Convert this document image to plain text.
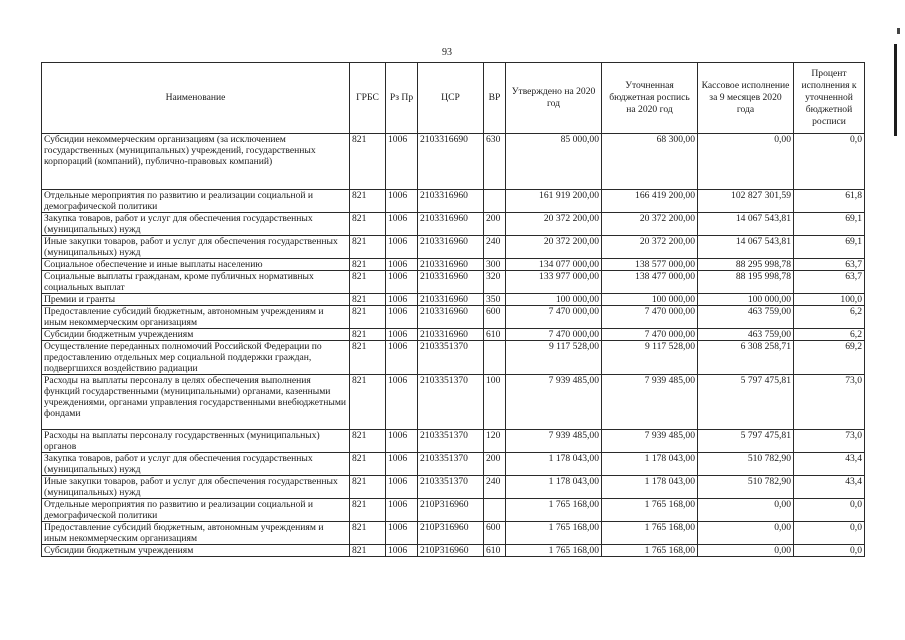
93
Наименование	ГРБС	Рз Пр	ЦСР	ВР	Утверждено на 2020 год	Уточненная бюджетная роспись на 2020 год	Кассовое исполнение за 9 месяцев 2020 года	Процент исполнения к уточненной бюджетной росписи
Субсидии некоммерческим организациям (за исключением государственных (муниципальных) учреждений, государственных корпораций (компаний), публично-правовых компаний)	821	1006	2103316690	630	85 000,00	68 300,00	0,00	0,0
Отдельные мероприятия по развитию и реализации социальной и демографической политики	821	1006	2103316960		161 919 200,00	166 419 200,00	102 827 301,59	61,8
Закупка товаров, работ и услуг для обеспечения государственных (муниципальных) нужд	821	1006	2103316960	200	20 372 200,00	20 372 200,00	14 067 543,81	69,1
Иные закупки товаров, работ и услуг для обеспечения государственных (муниципальных) нужд	821	1006	2103316960	240	20 372 200,00	20 372 200,00	14 067 543,81	69,1
Социальное обеспечение и иные выплаты населению	821	1006	2103316960	300	134 077 000,00	138 577 000,00	88 295 998,78	63,7
Социальные выплаты гражданам, кроме публичных нормативных социальных выплат	821	1006	2103316960	320	133 977 000,00	138 477 000,00	88 195 998,78	63,7
Премии и гранты	821	1006	2103316960	350	100 000,00	100 000,00	100 000,00	100,0
Предоставление субсидий бюджетным, автономным учреждениям и иным некоммерческим организациям	821	1006	2103316960	600	7 470 000,00	7 470 000,00	463 759,00	6,2
Субсидии бюджетным учреждениям	821	1006	2103316960	610	7 470 000,00	7 470 000,00	463 759,00	6,2
Осуществление переданных полномочий Российской Федерации по предоставлению отдельных мер социальной поддержки граждан, подвергшихся воздействию радиации	821	1006	2103351370		9 117 528,00	9 117 528,00	6 308 258,71	69,2
Расходы на выплаты персоналу в целях обеспечения выполнения функций государственными (муниципальными) органами, казенными учреждениями, органами управления государственными внебюджетными фондами	821	1006	2103351370	100	7 939 485,00	7 939 485,00	5 797 475,81	73,0
Расходы на выплаты персоналу государственных (муниципальных) органов	821	1006	2103351370	120	7 939 485,00	7 939 485,00	5 797 475,81	73,0
Закупка товаров, работ и услуг для обеспечения государственных (муниципальных) нужд	821	1006	2103351370	200	1 178 043,00	1 178 043,00	510 782,90	43,4
Иные закупки товаров, работ и услуг для обеспечения государственных (муниципальных) нужд	821	1006	2103351370	240	1 178 043,00	1 178 043,00	510 782,90	43,4
Отдельные мероприятия по развитию и реализации социальной и демографической политики	821	1006	210P316960		1 765 168,00	1 765 168,00	0,00	0,0
Предоставление субсидий бюджетным, автономным учреждениям и иным некоммерческим организациям	821	1006	210P316960	600	1 765 168,00	1 765 168,00	0,00	0,0
Субсидии бюджетным учреждениям	821	1006	210P316960	610	1 765 168,00	1 765 168,00	0,00	0,0
